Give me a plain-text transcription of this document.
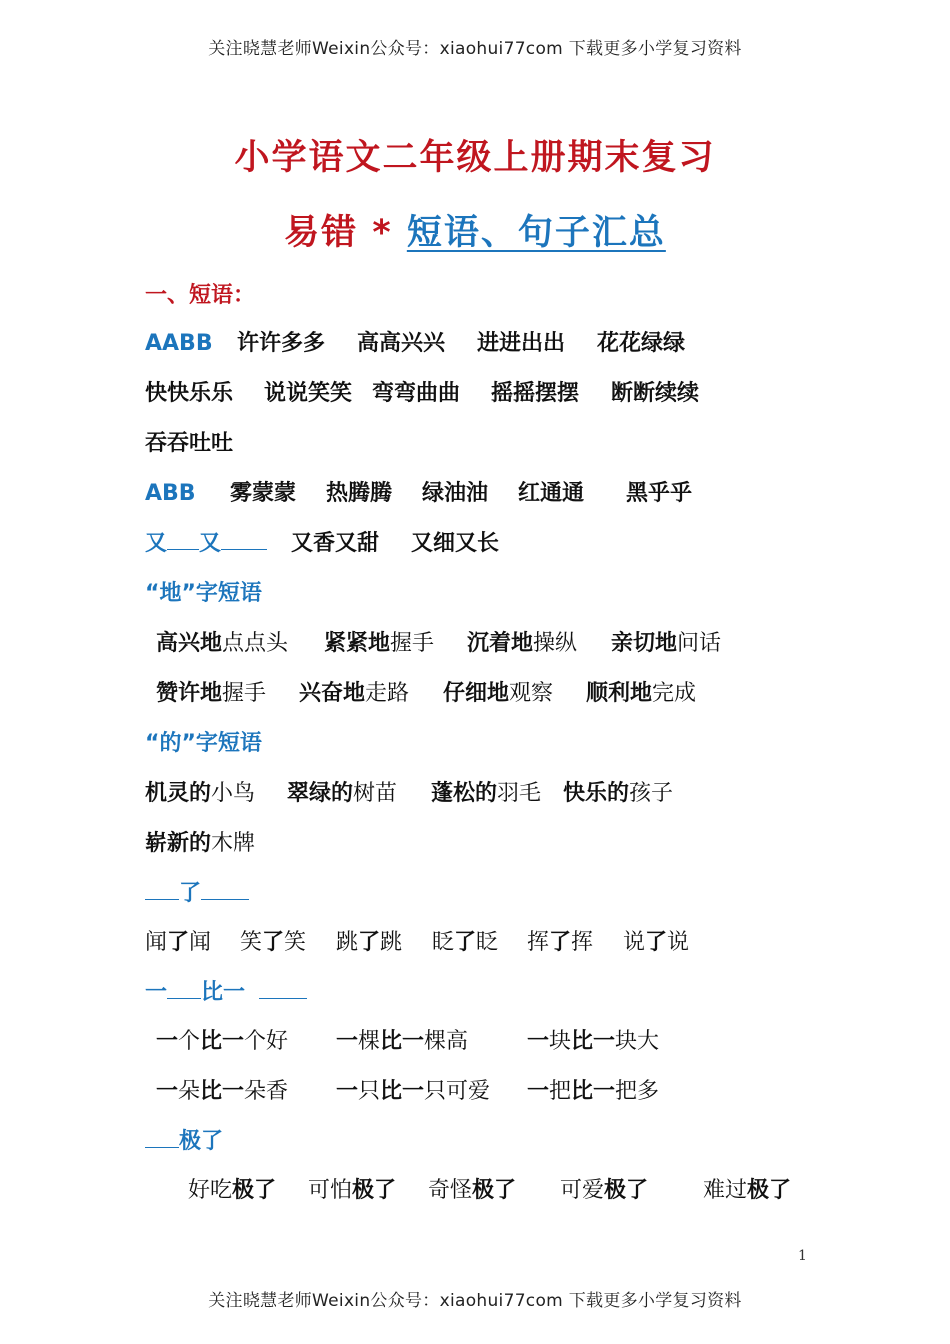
关注晓慧老师Weixin公众号：xiaohui77com 下载更多小学复习资料
小学语文二年级上册期末复习
易错 * 短语、句子汇总
一、短语：
AABB 许许多多 高高兴兴 进进出出 花花绿绿
快快乐乐 说说笑笑 弯弯曲曲 摇摇摆摆 断断续续
吞吞吐吐
ABB 雾蒙蒙 热腾腾 绿油油 红通通 黑乎乎
又 又	又香又甜 又细又长
“地”字短语
高兴地点点头 紧紧地握手 沉着地操纵 亲切地问话
赞许地握手 兴奋地走路 仔细地观察 顺利地完成
“的”字短语
机灵的小鸟 翠绿的树苗 蓬松的羽毛 快乐的孩子
崭新的木牌
了
闻了闻 笑了笑 跳了跳 眨了眨 挥了挥 说了说
一 比一
一个比一个好 一棵比一棵高	一块比一块大
一朵比一朵香 一只比一只可爱 一把比一把多
极了
好吃极了 可怕极了 奇怪极了 可爱极了 难过极了
1
关注晓慧老师Weixin公众号：xiaohui77com 下载更多小学复习资料
